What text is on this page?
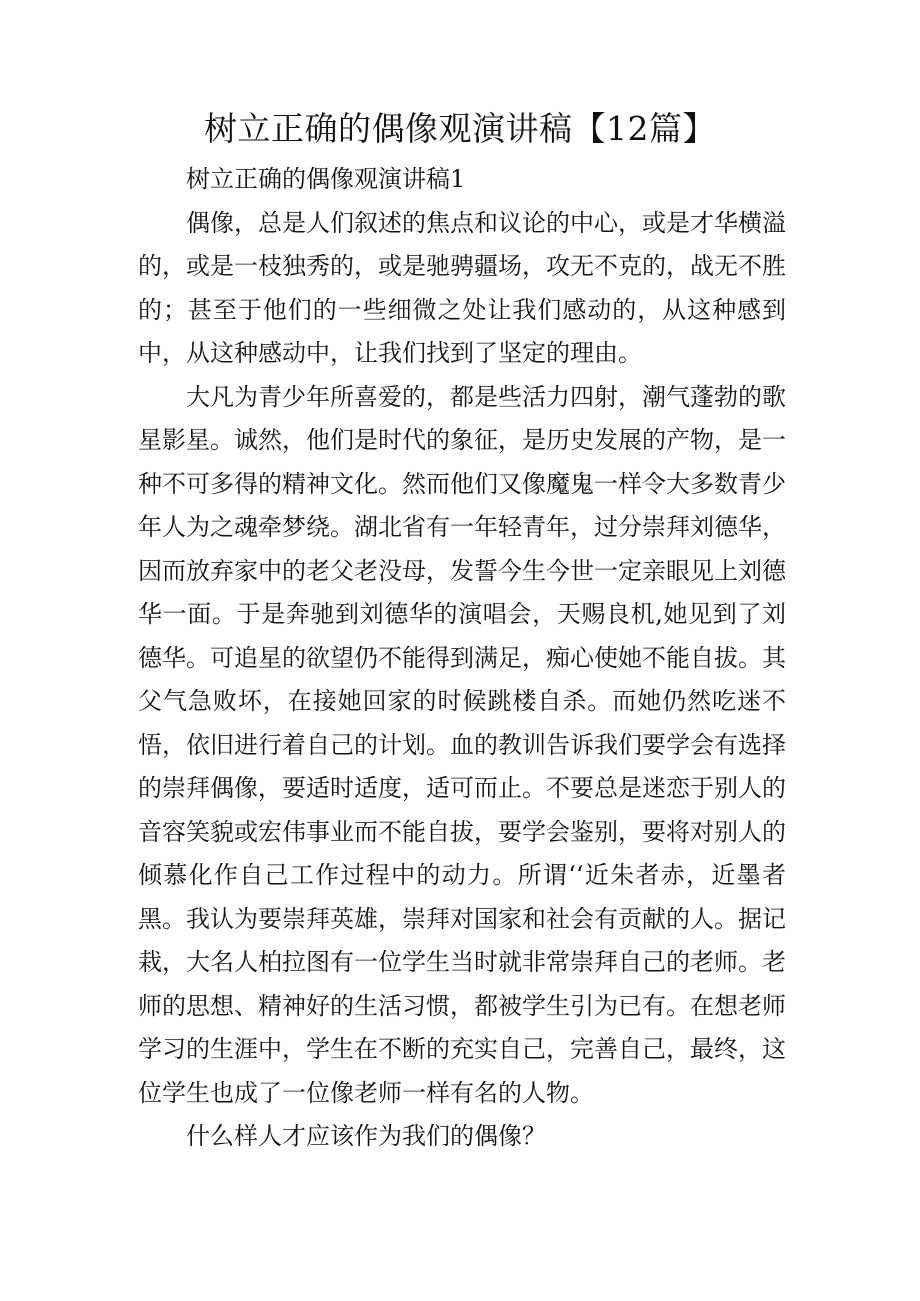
树立正确的偶像观演讲稿【12篇】

树立正确的偶像观演讲稿1

偶像，总是人们叙述的焦点和议论的中心，或是才华横溢的，或是一枝独秀的，或是驰骋疆场，攻无不克的，战无不胜的；甚至于他们的一些细微之处让我们感动的，从这种感到中，从这种感动中，让我们找到了坚定的理由。

大凡为青少年所喜爱的，都是些活力四射，潮气蓬勃的歌星影星。诚然，他们是时代的象征，是历史发展的产物，是一种不可多得的精神文化。然而他们又像魔鬼一样令大多数青少年人为之魂牵梦绕。湖北省有一年轻青年，过分崇拜刘德华，因而放弃家中的老父老没母，发誓今生今世一定亲眼见上刘德华一面。于是奔驰到刘德华的演唱会，天赐良机,她见到了刘德华。可追星的欲望仍不能得到满足，痴心使她不能自拔。其父气急败坏，在接她回家的时候跳楼自杀。而她仍然吃迷不悟，依旧进行着自己的计划。血的教训告诉我们要学会有选择的崇拜偶像，要适时适度，适可而止。不要总是迷恋于别人的音容笑貌或宏伟事业而不能自拔，要学会鉴别，要将对别人的倾慕化作自己工作过程中的动力。所谓‘‘近朱者赤，近墨者黑。我认为要崇拜英雄，崇拜对国家和社会有贡献的人。据记栽，大名人柏拉图有一位学生当时就非常崇拜自己的老师。老师的思想、精神好的生活习惯，都被学生引为已有。在想老师学习的生涯中，学生在不断的充实自己，完善自己，最终，这位学生也成了一位像老师一样有名的人物。

什么样人才应该作为我们的偶像？
